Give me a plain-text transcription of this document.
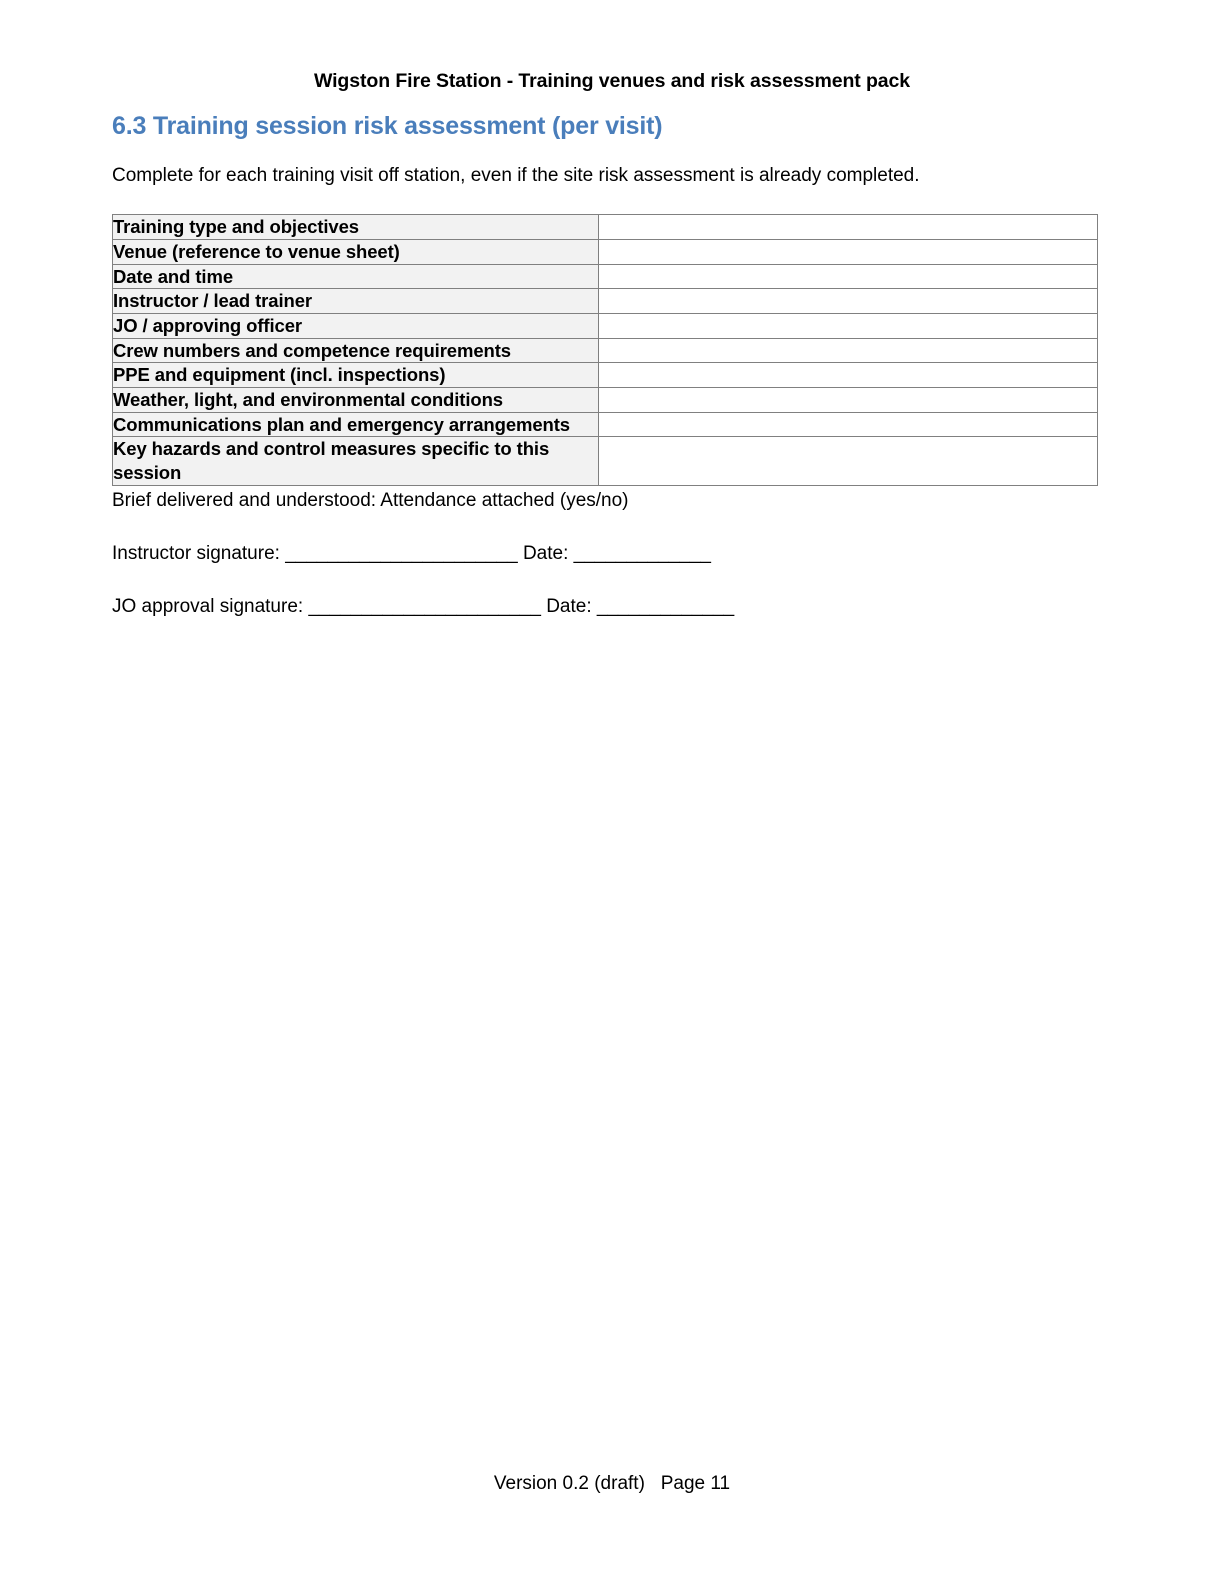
Wigston Fire Station - Training venues and risk assessment pack
6.3 Training session risk assessment (per visit)

Complete for each training visit off station, even if the site risk assessment is already completed.

Training type and objectives	
Venue (reference to venue sheet)	
Date and time	
Instructor / lead trainer	
JO / approving officer	
Crew numbers and competence requirements	
PPE and equipment (incl. inspections)	
Weather, light, and environmental conditions	
Communications plan and emergency arrangements	
Key hazards and control measures specific to this session	

Brief delivered and understood: Attendance attached (yes/no)

Instructor signature: ______________________ Date: _____________

JO approval signature: ______________________ Date: _____________

Version 0.2 (draft)   Page 11
